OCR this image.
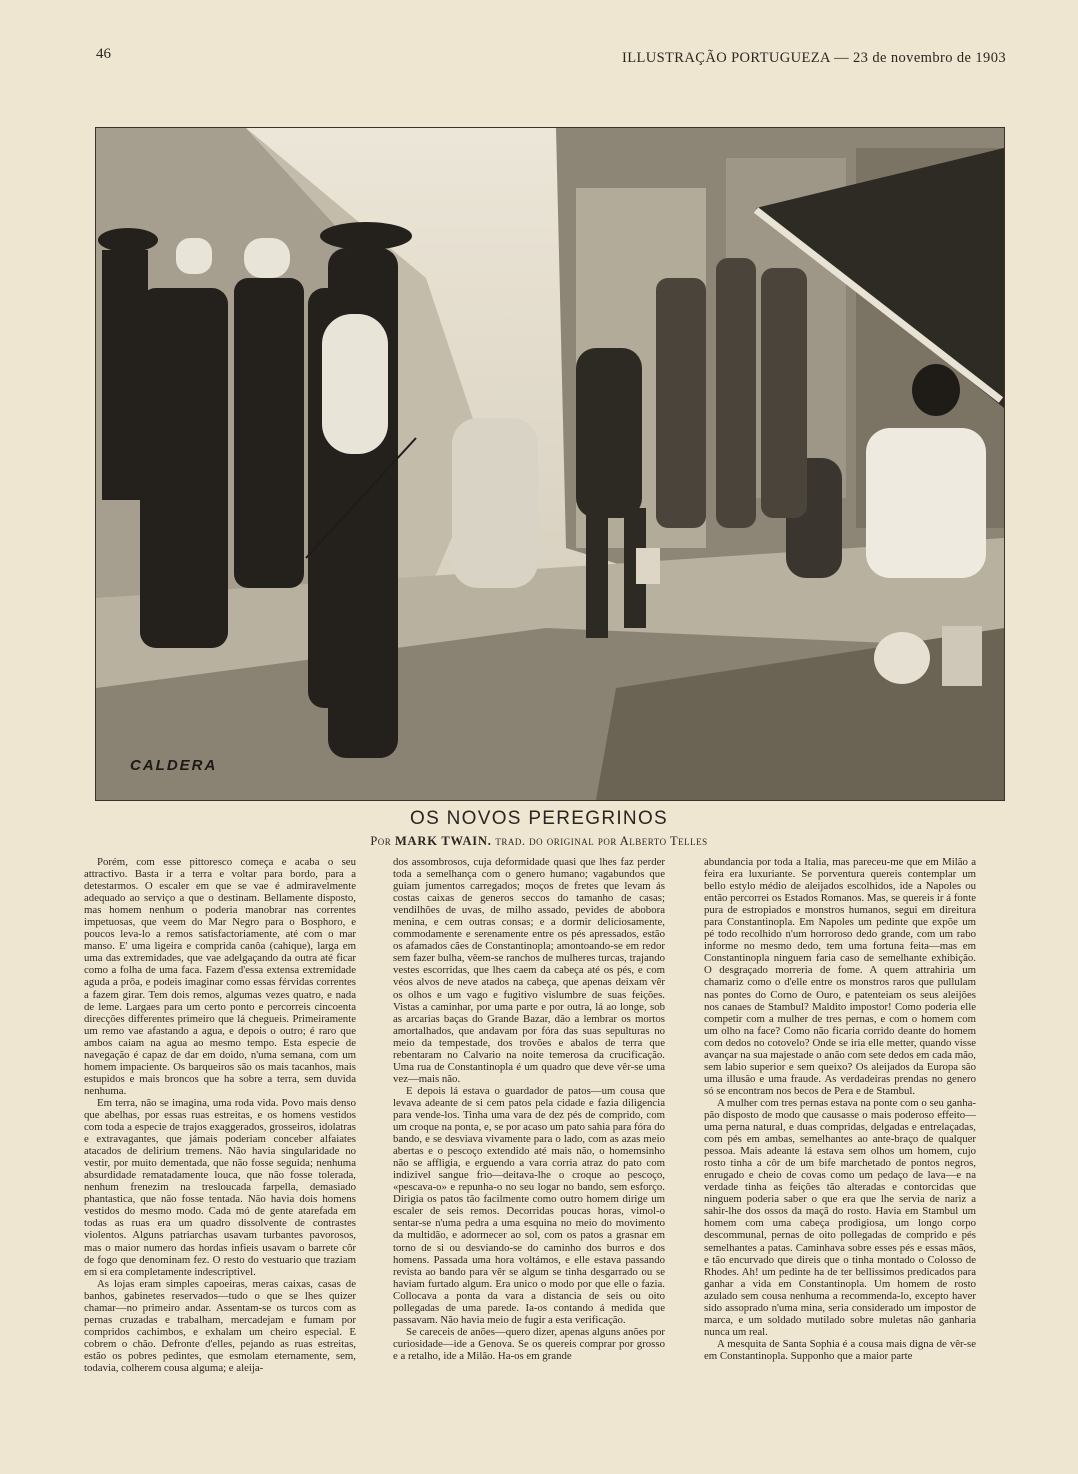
46	ILLUSTRAÇÃO PORTUGUEZA — 23 de novembro de 1903
CALDERA
OS NOVOS PEREGRINOS
Por MARK TWAIN. trad. do original por Alberto Telles

Porém, com esse pittoresco começa e acaba o seu attractivo. Basta ir a terra e voltar para bordo, para a detestarmos. O escaler em que se vae é admiravelmente adequado ao serviço a que o destinam. Bellamente disposto, mas homem nenhum o poderia manobrar nas correntes impetuosas, que veem do Mar Negro para o Bosphoro, e poucos leva-lo a remos satisfactoriamente, até com o mar manso. E' uma ligeira e comprida canôa (cahique), larga em uma das extremidades, que vae adelgaçando da outra até ficar como a folha de uma faca. Fazem d'essa extensa extremidade aguda a prôa, e podeis imaginar como essas férvidas correntes a fazem girar. Tem dois remos, algumas vezes quatro, e nada de leme. Largaes para um certo ponto e percorreis cincoenta direcções differentes primeiro que lá chegueis. Primeiramente um remo vae afastando a agua, e depois o outro; é raro que ambos caiam na agua ao mesmo tempo. Esta especie de navegação é capaz de dar em doido, n'uma semana, com um homem impaciente. Os barqueiros são os mais tacanhos, mais estupidos e mais broncos que ha sobre a terra, sem duvida nenhuma.

Em terra, não se imagina, uma roda vida. Povo mais denso que abelhas, por essas ruas estreitas, e os homens vestidos com toda a especie de trajos exaggerados, grosseiros, idolatras e extravagantes, que jámais poderiam conceber alfaiates atacados de delirium tremens. Não havia singularidade no vestir, por muito dementada, que não fosse seguida; nenhuma absurdidade rematadamente louca, que não fosse tolerada, nenhum frenezim na tresloucada farpella, demasiado phantastica, que não fosse tentada. Não havia dois homens vestidos do mesmo modo. Cada mó de gente atarefada em todas as ruas era um quadro dissolvente de contrastes violentos. Alguns patriarchas usavam turbantes pavorosos, mas o maior numero das hordas infieis usavam o barrete côr de fogo que denominam fez. O resto do vestuario que traziam em si era completamente indescriptivel.

As lojas eram simples capoeiras, meras caixas, casas de banhos, gabinetes reservados—tudo o que se lhes quizer chamar—no primeiro andar. Assentam-se os turcos com as pernas cruzadas e trabalham, mercadejam e fumam por compridos cachimbos, e exhalam um cheiro especial. E cobrem o chão. Defronte d'elles, pejando as ruas estreitas, estão os pobres pedintes, que esmolam eternamente, sem, todavia, colherem cousa alguma; e aleija-

dos assombrosos, cuja deformidade quasi que lhes faz perder toda a semelhança com o genero humano; vagabundos que guiam jumentos carregados; moços de fretes que levam ás costas caixas de generos seccos do tamanho de casas; vendilhões de uvas, de milho assado, pevides de abobora menina, e cem outras consas; e a dormir deliciosamente, commodamente e serenamente entre os pés apressados, estão os afamados cães de Constantinopla; amontoando-se em redor sem fazer bulha, vêem-se ranchos de mulheres turcas, trajando vestes escorridas, que lhes caem da cabeça até os pés, e com véos alvos de neve atados na cabeça, que apenas deixam vêr os olhos e um vago e fugitivo vislumbre de suas feições. Vistas a caminhar, por uma parte e por outra, lá ao longe, sob as arcarias baças do Grande Bazar, dão a lembrar os mortos amortalhados, que andavam por fóra das suas sepulturas no meio da tempestade, dos trovões e abalos de terra que rebentaram no Calvario na noite temerosa da crucificação. Uma rua de Constantinopla é um quadro que deve vêr-se uma vez—mais não.

E depois lá estava o guardador de patos—um cousa que levava adeante de si cem patos pela cidade e fazia diligencia para vende-los. Tinha uma vara de dez pés de comprido, com um croque na ponta, e, se por acaso um pato sahia para fóra do bando, e se desviava vivamente para o lado, com as azas meio abertas e o pescoço extendido até mais não, o homemsinho não se affligia, e erguendo a vara corria atraz do pato com indizivel sangue frio—deitava-lhe o croque ao pescoço, «pescava-o» e repunha-o no seu logar no bando, sem esforço. Dirigia os patos tão facilmente como outro homem dirige um escaler de seis remos. Decorridas poucas horas, vimol-o sentar-se n'uma pedra a uma esquina no meio do movimento da multidão, e adormecer ao sol, com os patos a grasnar em torno de si ou desviando-se do caminho dos burros e dos homens. Passada uma hora voltámos, e elle estava passando revista ao bando para vêr se algum se tinha desgarrado ou se haviam furtado algum. Era unico o modo por que elle o fazia. Collocava a ponta da vara a distancia de seis ou oito pollegadas de uma parede. Ia-os contando á medida que passavam. Não havia meio de fugir a esta verificação.

Se careceis de anões—quero dizer, apenas alguns anões por curiosidade—ide a Genova. Se os quereis comprar por grosso e a retalho, ide a Milão. Ha-os em grande

abundancia por toda a Italia, mas pareceu-me que em Milão a feira era luxuriante. Se porventura quereis contemplar um bello estylo médio de aleijados escolhidos, ide a Napoles ou então percorrei os Estados Romanos. Mas, se quereis ir á fonte pura de estropiados e monstros humanos, segui em direitura para Constantinopla. Em Napoles um pedinte que expõe um pé todo recolhido n'um horroroso dedo grande, com um rabo informe no mesmo dedo, tem uma fortuna feita—mas em Constantinopla ninguem faria caso de semelhante exhibição. O desgraçado morreria de fome. A quem attrahiria um chamariz como o d'elle entre os monstros raros que pullulam nas pontes do Corno de Ouro, e patenteiam os seus aleijões nos canaes de Stambul? Maldito impostor! Como poderia elle competir com a mulher de tres pernas, e com o homem com um olho na face? Como não ficaria corrido deante do homem com dedos no cotovelo? Onde se iria elle metter, quando visse avançar na sua majestade o anão com sete dedos em cada mão, sem labio superior e sem queixo? Os aleijados da Europa são uma illusão e uma fraude. As verdadeiras prendas no genero só se encontram nos becos de Pera e de Stambul.

A mulher com tres pernas estava na ponte com o seu ganha-pão disposto de modo que causasse o mais poderoso effeito—uma perna natural, e duas compridas, delgadas e entrelaçadas, com pés em ambas, semelhantes ao ante-braço de qualquer pessoa. Mais adeante lá estava sem olhos um homem, cujo rosto tinha a côr de um bife marchetado de pontos negros, enrugado e cheio de covas como um pedaço de lava—e na verdade tinha as feições tão alteradas e contorcidas que ninguem poderia saber o que era que lhe servia de nariz a sahir-lhe dos ossos da maçã do rosto. Havia em Stambul um homem com uma cabeça prodigiosa, um longo corpo descommunal, pernas de oito pollegadas de comprido e pés semelhantes a patas. Caminhava sobre esses pés e essas mãos, e tão encurvado que direis que o tinha montado o Colosso de Rhodes. Ah! um pedinte ha de ter bellissimos predicados para ganhar a vida em Constantinopla. Um homem de rosto azulado sem cousa nenhuma a recommenda-lo, excepto haver sido assoprado n'uma mina, seria considerado um impostor de marca, e um soldado mutilado sobre muletas não ganharia nunca um real.

A mesquita de Santa Sophia é a cousa mais digna de vêr-se em Constantinopla. Supponho que a maior parte
